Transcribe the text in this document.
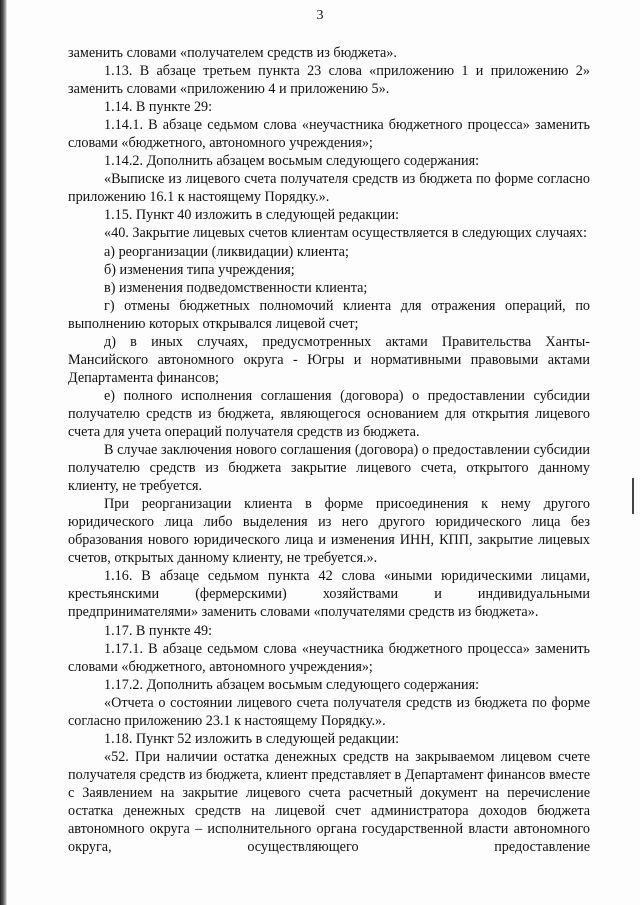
3

заменить словами «получателем средств из бюджета».

1.13. В абзаце третьем пункта 23 слова «приложению 1 и приложению 2» заменить словами «приложению 4 и приложению 5».

1.14. В пункте 29:

1.14.1. В абзаце седьмом слова «неучастника бюджетного процесса» заменить словами «бюджетного, автономного учреждения»;

1.14.2. Дополнить абзацем восьмым следующего содержания:

«Выписке из лицевого счета получателя средств из бюджета по форме согласно приложению 16.1 к настоящему Порядку.».

1.15. Пункт 40 изложить в следующей редакции:

«40. Закрытие лицевых счетов клиентам осуществляется в следующих случаях:

а) реорганизации (ликвидации) клиента;

б) изменения типа учреждения;

в) изменения подведомственности клиента;

г) отмены бюджетных полномочий клиента для отражения операций, по выполнению которых открывался лицевой счет;

д) в иных случаях, предусмотренных актами Правительства Ханты-Мансийского автономного округа - Югры и нормативными правовыми актами Департамента финансов;

е) полного исполнения соглашения (договора) о предоставлении субсидии получателю средств из бюджета, являющегося основанием для открытия лицевого счета для учета операций получателя средств из бюджета.

В случае заключения нового соглашения (договора) о предоставлении субсидии получателю средств из бюджета закрытие лицевого счета, открытого данному клиенту, не требуется.

При реорганизации клиента в форме присоединения к нему другого юридического лица либо выделения из него другого юридического лица без образования нового юридического лица и изменения ИНН, КПП, закрытие лицевых счетов, открытых данному клиенту, не требуется.».

1.16. В абзаце седьмом пункта 42 слова «иными юридическими лицами, крестьянскими (фермерскими) хозяйствами и индивидуальными предпринимателями» заменить словами «получателями средств из бюджета».

1.17. В пункте 49:

1.17.1. В абзаце седьмом слова «неучастника бюджетного процесса» заменить словами «бюджетного, автономного учреждения»;

1.17.2. Дополнить абзацем восьмым следующего содержания:

«Отчета о состоянии лицевого счета получателя средств из бюджета по форме согласно приложению 23.1 к настоящему Порядку.».

1.18. Пункт 52 изложить в следующей редакции:

«52. При наличии остатка денежных средств на закрываемом лицевом счете получателя средств из бюджета, клиент представляет в Департамент финансов вместе с Заявлением на закрытие лицевого счета расчетный документ на перечисление остатка денежных средств на лицевой счет администратора доходов бюджета автономного округа – исполнительного органа государственной власти автономного округа, осуществляющего предоставление
